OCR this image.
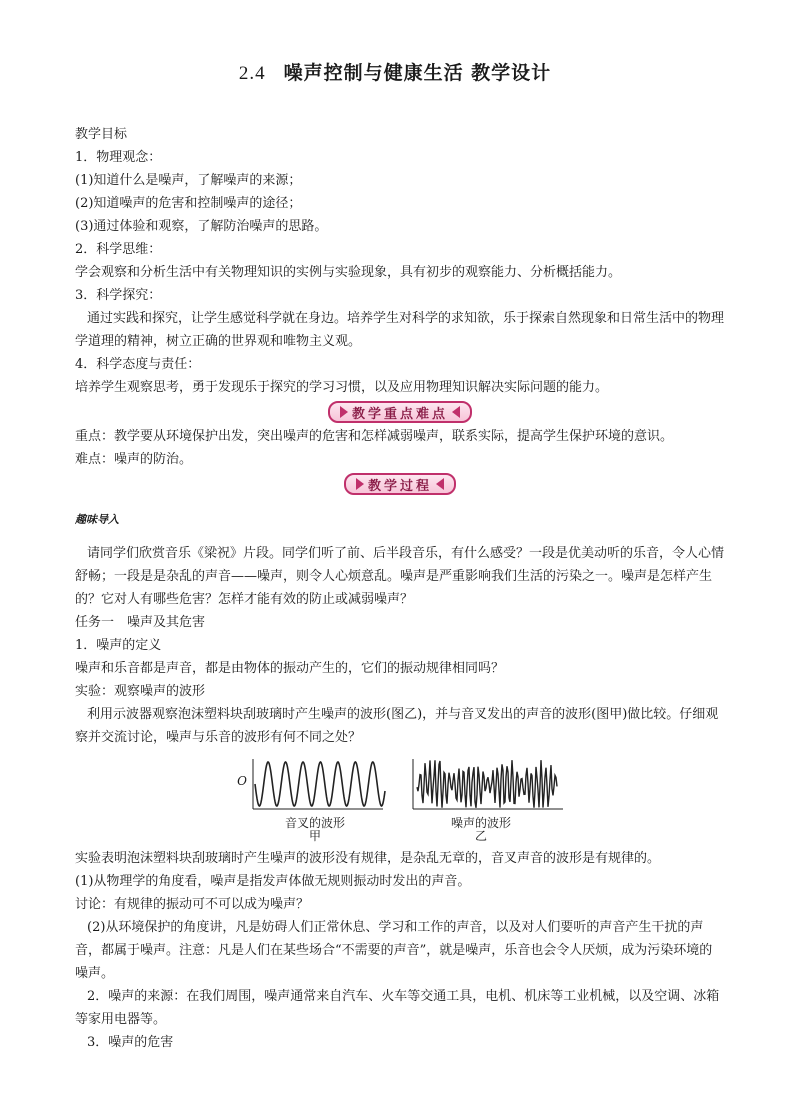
2.4 噪声控制与健康生活 教学设计

教学目标

1．物理观念：

(1)知道什么是噪声，了解噪声的来源；

(2)知道噪声的危害和控制噪声的途径；

(3)通过体验和观察，了解防治噪声的思路。

2．科学思维：

学会观察和分析生活中有关物理知识的实例与实验现象，具有初步的观察能力、分析概括能力。

3．科学探究：

通过实践和探究，让学生感觉科学就在身边。培养学生对科学的求知欲，乐于探索自然现象和日常生活中的物理学道理的精神，树立正确的世界观和唯物主义观。

4．科学态度与责任：

培养学生观察思考，勇于发现乐于探究的学习习惯，以及应用物理知识解决实际问题的能力。

教学重点难点

重点：教学要从环境保护出发，突出噪声的危害和怎样减弱噪声，联系实际，提高学生保护环境的意识。

难点：噪声的防治。

教学过程

趣味导入

请同学们欣赏音乐《梁祝》片段。同学们听了前、后半段音乐，有什么感受？一段是优美动听的乐音，令人心情舒畅；一段是是杂乱的声音——噪声，则令人心烦意乱。噪声是严重影响我们生活的污染之一。噪声是怎样产生的？它对人有哪些危害？怎样才能有效的防止或减弱噪声？

任务一　噪声及其危害

1．噪声的定义

噪声和乐音都是声音，都是由物体的振动产生的，它们的振动规律相同吗？

实验：观察噪声的波形

利用示波器观察泡沫塑料块刮玻璃时产生噪声的波形(图乙)，并与音叉发出的声音的波形(图甲)做比较。仔细观察并交流讨论，噪声与乐音的波形有何不同之处？

O
音叉的波形
甲
噪声的波形
乙

实验表明泡沫塑料块刮玻璃时产生噪声的波形没有规律，是杂乱无章的，音叉声音的波形是有规律的。

(1)从物理学的角度看，噪声是指发声体做无规则振动时发出的声音。

讨论：有规律的振动可不可以成为噪声？

(2)从环境保护的角度讲，凡是妨碍人们正常休息、学习和工作的声音，以及对人们要听的声音产生干扰的声音，都属于噪声。注意：凡是人们在某些场合“不需要的声音”，就是噪声，乐音也会令人厌烦，成为污染环境的噪声。

2．噪声的来源：在我们周围，噪声通常来自汽车、火车等交通工具，电机、机床等工业机械，以及空调、冰箱等家用电器等。

3．噪声的危害
